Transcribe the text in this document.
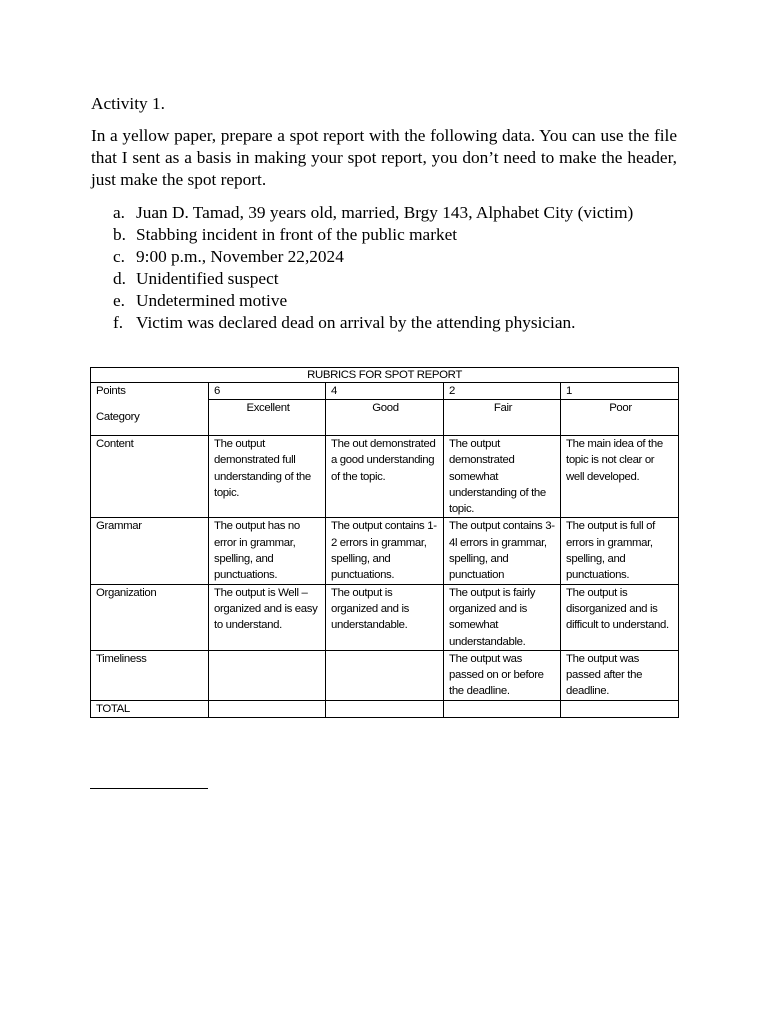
Activity 1.

In a yellow paper, prepare a spot report with the following data. You can use the file that I sent as a basis in making your spot report, you don’t need to make the header, just make the spot report.

a. Juan D. Tamad, 39 years old, married, Brgy 143, Alphabet City (victim)
b. Stabbing incident in front of the public market
c. 9:00 p.m., November 22,2024
d. Unidentified suspect
e. Undetermined motive
f. Victim was declared dead on arrival by the attending physician.
RUBRICS FOR SPOT REPORT				
Points	6	4	2	1
Category	Excellent	Good	Fair	Poor
Content	The output demonstrated full understanding of the topic.	The out demonstrated a good understanding of the topic.	The output demonstrated somewhat understanding of the topic.	The main idea of the topic is not clear or well developed.
Grammar	The output has no error in grammar, spelling, and punctuations.	The output contains 1-2 errors in grammar, spelling, and punctuations.	The output contains 3-4l errors in grammar, spelling, and punctuation	The output is full of errors in grammar, spelling, and punctuations.
Organization	The output is Well – organized and is easy to understand.	The output is organized and is understandable.	The output is fairly organized and is somewhat understandable.	The output is disorganized and is difficult to understand.
Timeliness			The output was passed on or before the deadline.	The output was passed after the deadline.
TOTAL				
